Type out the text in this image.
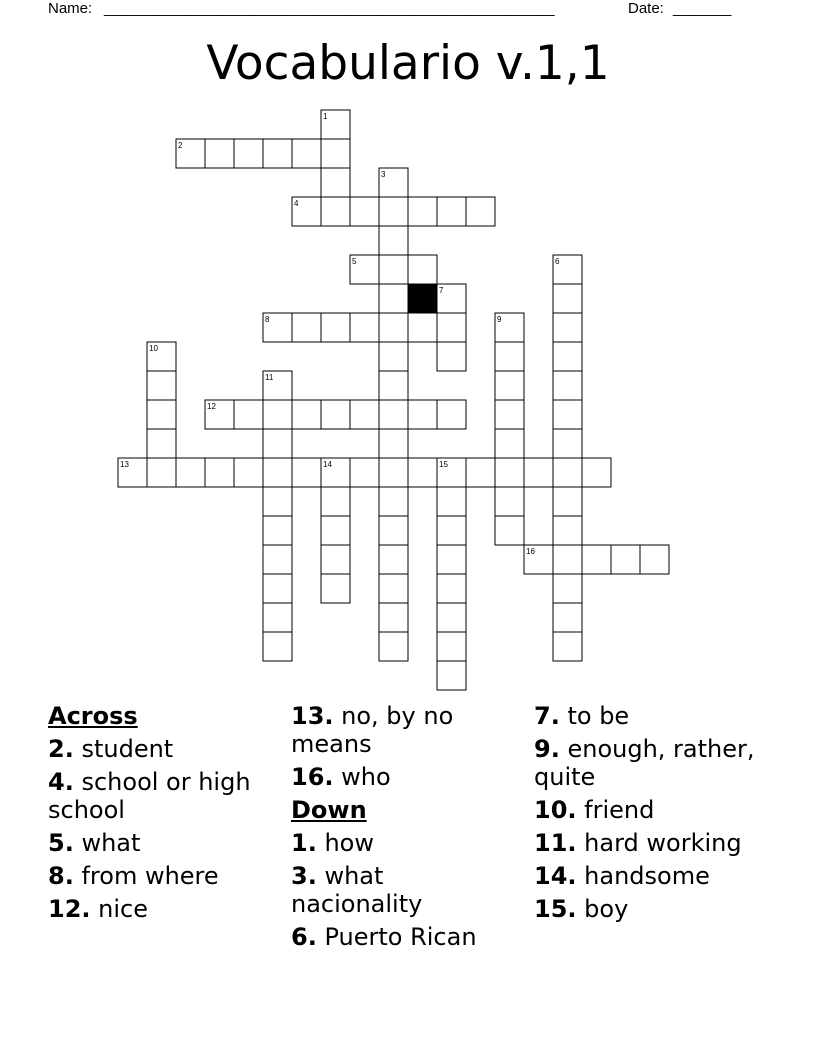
Name: ______________________________________________________	Date: _______
Vocabulario v.1,1
1
2
3
4
5	6
7
8	9
10
11
12
13	14	15
16
Across
2. student
4. school or high school
5. what
8. from where
12. nice
13. no, by no means
16. who
Down
1. how
3. what nacionality
6. Puerto Rican
7. to be
9. enough, rather, quite
10. friend
11. hard working
14. handsome
15. boy
